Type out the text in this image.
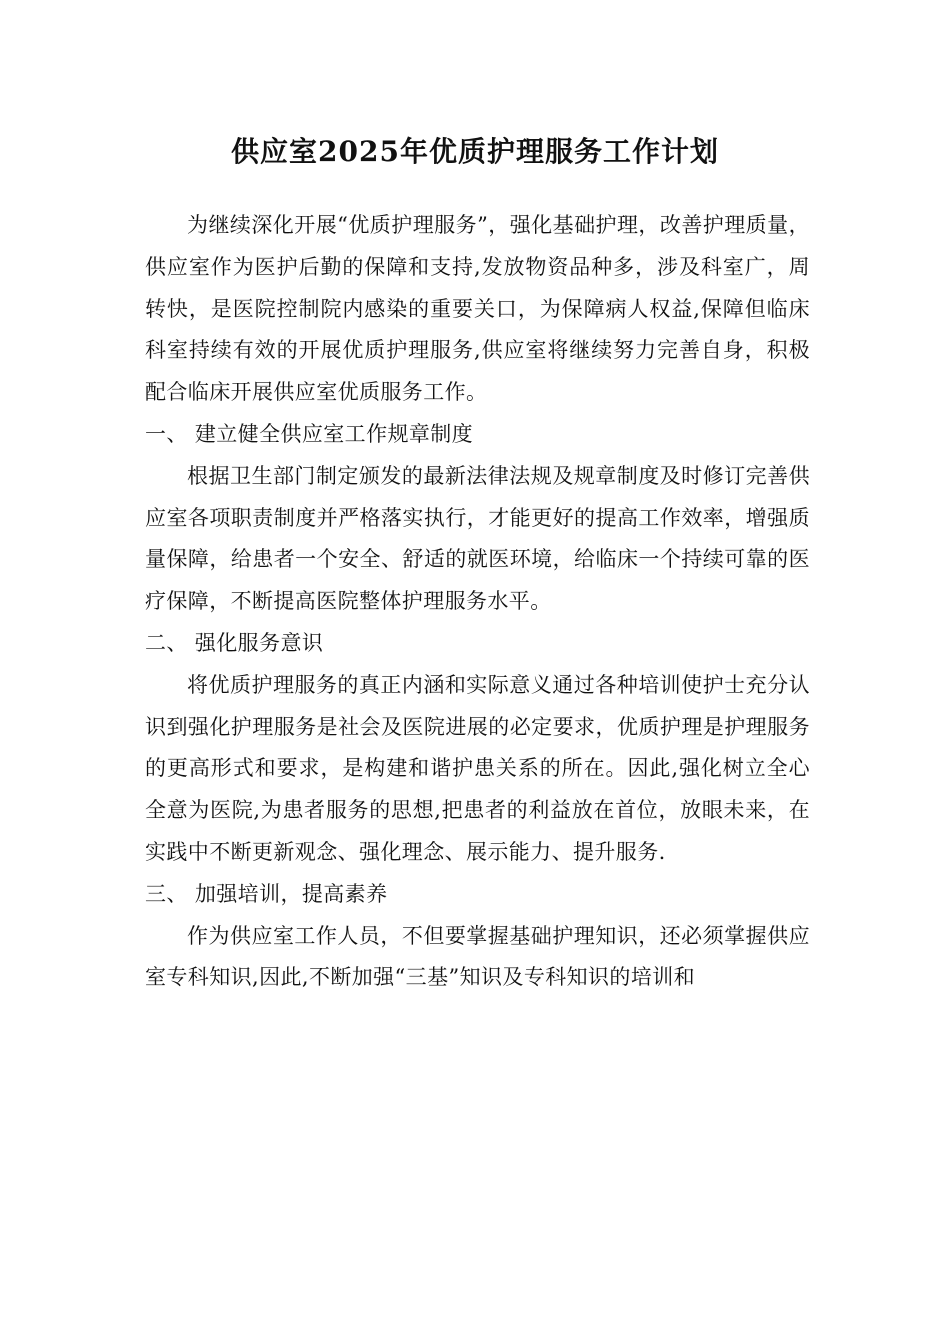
供应室2025年优质护理服务工作计划

为继续深化开展“优质护理服务”，强化基础护理，改善护理质量，供应室作为医护后勤的保障和支持,发放物资品种多，涉及科室广，周转快，是医院控制院内感染的重要关口，为保障病人权益,保障但临床科室持续有效的开展优质护理服务,供应室将继续努力完善自身，积极配合临床开展供应室优质服务工作。

一、 建立健全供应室工作规章制度

根据卫生部门制定颁发的最新法律法规及规章制度及时修订完善供应室各项职责制度并严格落实执行，才能更好的提高工作效率，增强质量保障，给患者一个安全、舒适的就医环境，给临床一个持续可靠的医疗保障，不断提高医院整体护理服务水平。

二、 强化服务意识

将优质护理服务的真正内涵和实际意义通过各种培训使护士充分认识到强化护理服务是社会及医院进展的必定要求，优质护理是护理服务的更高形式和要求，是构建和谐护患关系的所在。因此,强化树立全心全意为医院,为患者服务的思想,把患者的利益放在首位，放眼未来，在实践中不断更新观念、强化理念、展示能力、提升服务.

三、 加强培训，提高素养

作为供应室工作人员，不但要掌握基础护理知识，还必须掌握供应室专科知识,因此,不断加强“三基”知识及专科知识的培训和
